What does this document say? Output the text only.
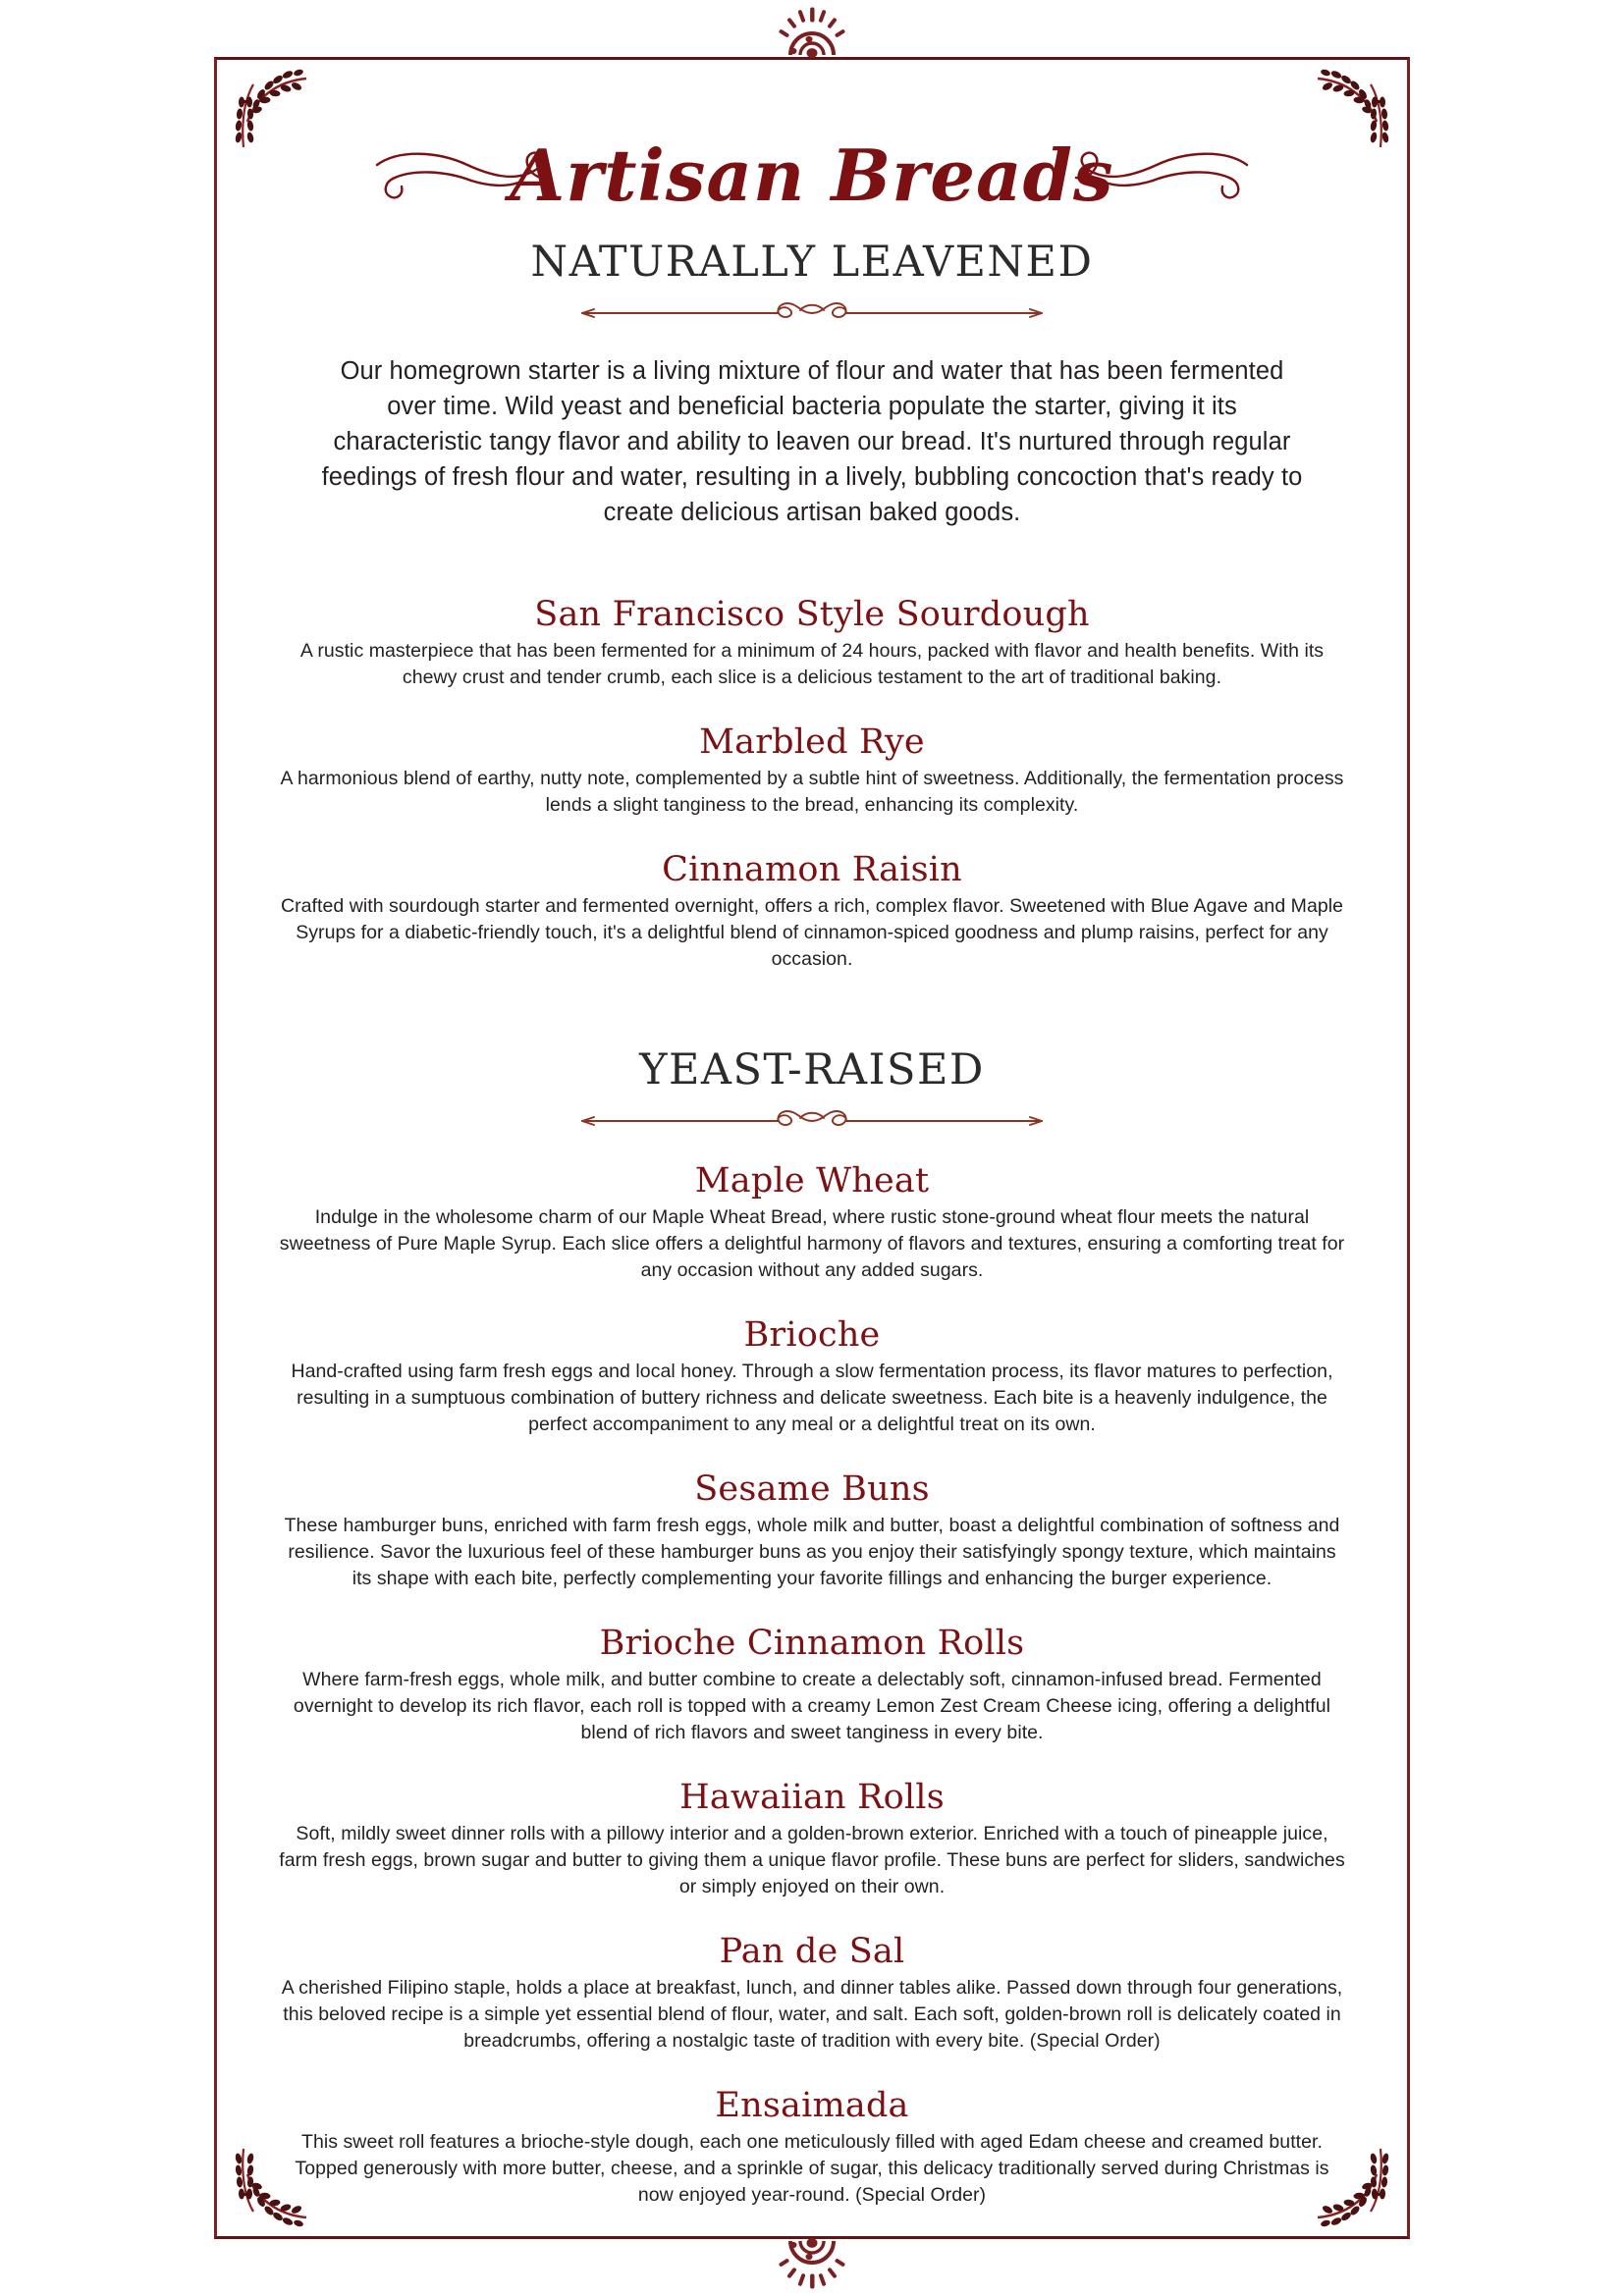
Artisan Breads
NATURALLY LEAVENED

Our homegrown starter is a living mixture of flour and water that has been fermented over time. Wild yeast and beneficial bacteria populate the starter, giving it its characteristic tangy flavor and ability to leaven our bread. It's nurtured through regular feedings of fresh flour and water, resulting in a lively, bubbling concoction that's ready to create delicious artisan baked goods.

San Francisco Style Sourdough
A rustic masterpiece that has been fermented for a minimum of 24 hours, packed with flavor and health benefits. With its chewy crust and tender crumb, each slice is a delicious testament to the art of traditional baking.
Marbled Rye
A harmonious blend of earthy, nutty note, complemented by a subtle hint of sweetness. Additionally, the fermentation process lends a slight tanginess to the bread, enhancing its complexity.
Cinnamon Raisin
Crafted with sourdough starter and fermented overnight, offers a rich, complex flavor. Sweetened with Blue Agave and Maple Syrups for a diabetic-friendly touch, it's a delightful blend of cinnamon-spiced goodness and plump raisins, perfect for any occasion.
YEAST-RAISED
Maple Wheat
Indulge in the wholesome charm of our Maple Wheat Bread, where rustic stone-ground wheat flour meets the natural sweetness of Pure Maple Syrup. Each slice offers a delightful harmony of flavors and textures, ensuring a comforting treat for any occasion without any added sugars.
Brioche
Hand-crafted using farm fresh eggs and local honey. Through a slow fermentation process, its flavor matures to perfection, resulting in a sumptuous combination of buttery richness and delicate sweetness. Each bite is a heavenly indulgence, the perfect accompaniment to any meal or a delightful treat on its own.
Sesame Buns
These hamburger buns, enriched with farm fresh eggs, whole milk and butter, boast a delightful combination of softness and resilience. Savor the luxurious feel of these hamburger buns as you enjoy their satisfyingly spongy texture, which maintains its shape with each bite, perfectly complementing your favorite fillings and enhancing the burger experience.
Brioche Cinnamon Rolls
Where farm-fresh eggs, whole milk, and butter combine to create a delectably soft, cinnamon-infused bread. Fermented overnight to develop its rich flavor, each roll is topped with a creamy Lemon Zest Cream Cheese icing, offering a delightful blend of rich flavors and sweet tanginess in every bite.
Hawaiian Rolls
Soft, mildly sweet dinner rolls with a pillowy interior and a golden-brown exterior. Enriched with a touch of pineapple juice, farm fresh eggs, brown sugar and butter to giving them a unique flavor profile. These buns are perfect for sliders, sandwiches or simply enjoyed on their own.
Pan de Sal
A cherished Filipino staple, holds a place at breakfast, lunch, and dinner tables alike. Passed down through four generations, this beloved recipe is a simple yet essential blend of flour, water, and salt. Each soft, golden-brown roll is delicately coated in breadcrumbs, offering a nostalgic taste of tradition with every bite. (Special Order)
Ensaimada
This sweet roll features a brioche-style dough, each one meticulously filled with aged Edam cheese and creamed butter. Topped generously with more butter, cheese, and a sprinkle of sugar, this delicacy traditionally served during Christmas is now enjoyed year-round. (Special Order)
